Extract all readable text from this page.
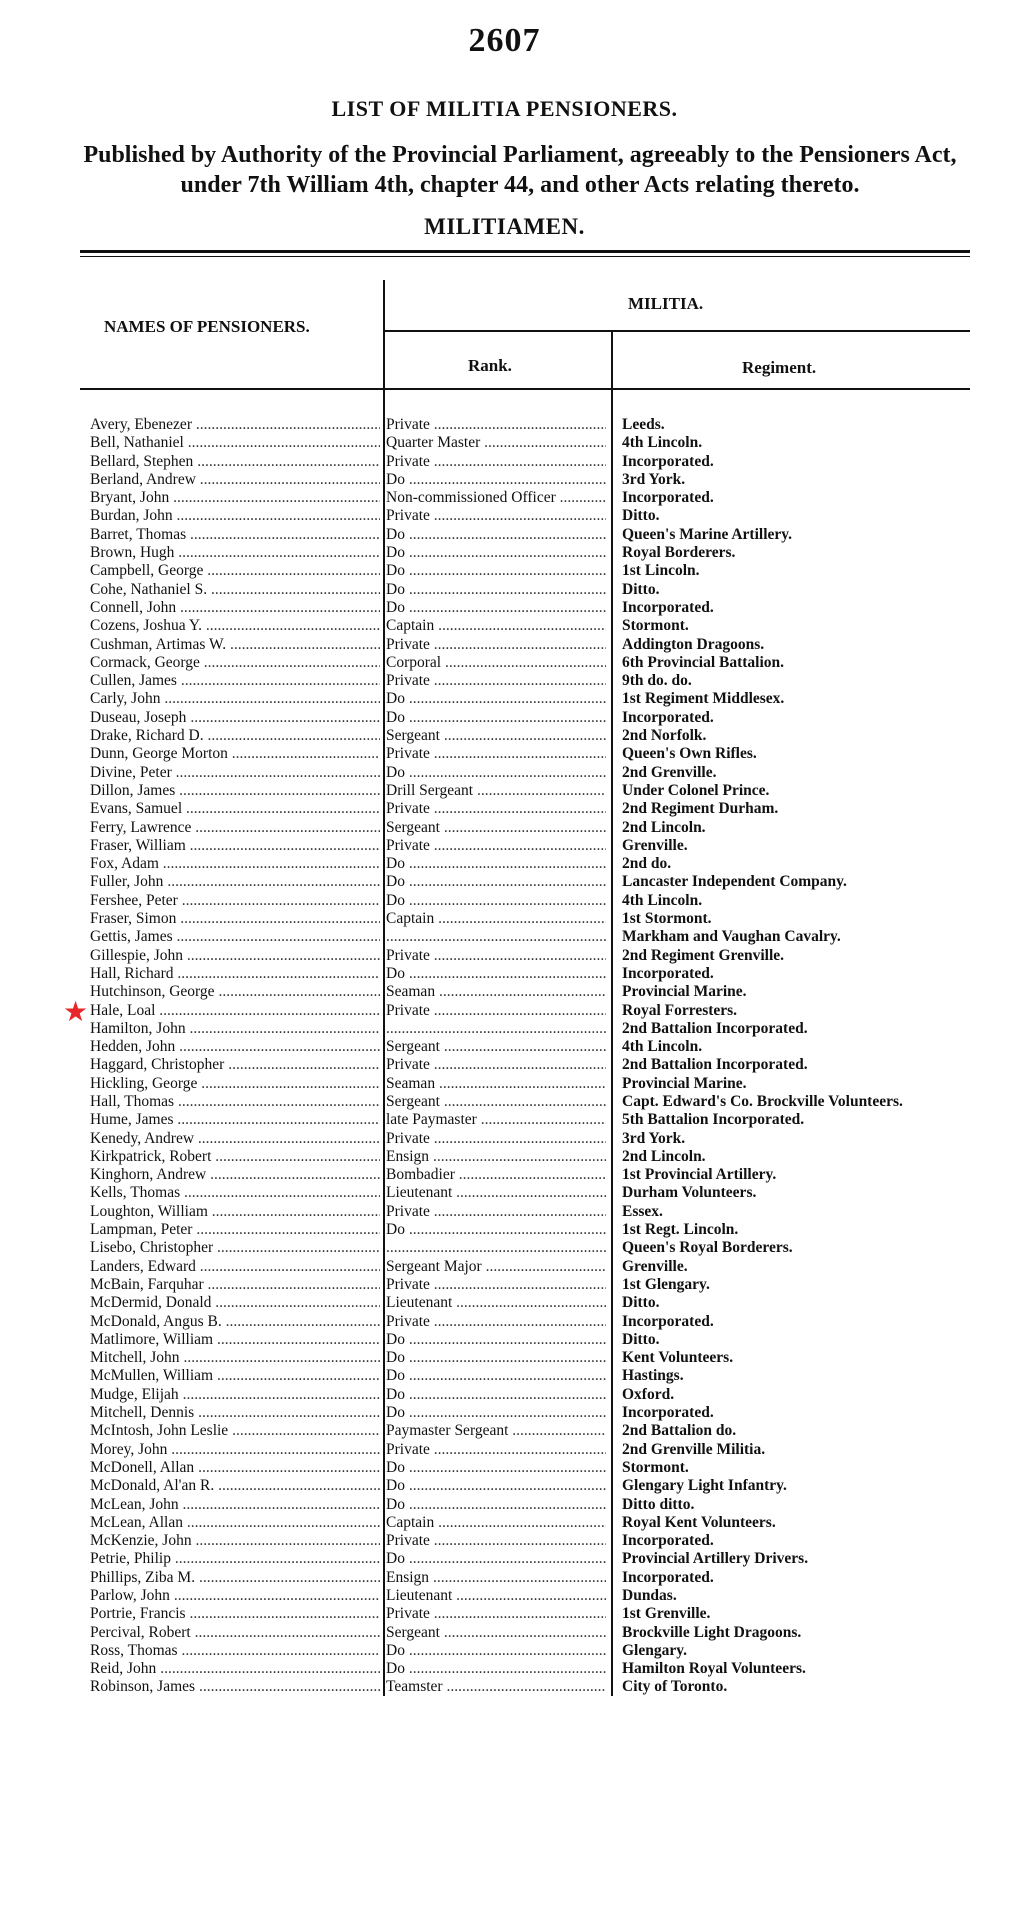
2607
LIST OF MILITIA PENSIONERS.
Published by Authority of the Provincial Parliament, agreeably to the Pensioners Act, under 7th William 4th, chapter 44, and other Acts relating thereto.
MILITIAMEN.
NAMES OF PENSIONERS.
MILITIA.
Rank.	Regiment.
★
Avery, Ebenezer .....
Bell, Nathaniel .....
Bellard, Stephen .....
Berland, Andrew .....
Bryant, John .....
Burdan, John .....
Barret, Thomas .....
Brown, Hugh .....
Campbell, George .....
Cohe, Nathaniel S. .....
Connell, John .....
Cozens, Joshua Y. .....
Cushman, Artimas W. .....
Cormack, George .....
Cullen, James .....
Carly, John .....
Duseau, Joseph .....
Drake, Richard D. .....
Dunn, George Morton .....
Divine, Peter .....
Dillon, James .....
Evans, Samuel .....
Ferry, Lawrence .....
Fraser, William .....
Fox, Adam .....
Fuller, John .....
Fershee, Peter .....
Fraser, Simon .....
Gettis, James .....
Gillespie, John .....
Hall, Richard .....
Hutchinson, George .....
Hale, Loal .....
Hamilton, John .....
Hedden, John .....
Haggard, Christopher .....
Hickling, George .....
Hall, Thomas .....
Hume, James .....
Kenedy, Andrew .....
Kirkpatrick, Robert .....
Kinghorn, Andrew .....
Kells, Thomas .....
Loughton, William .....
Lampman, Peter .....
Lisebo, Christopher .....
Landers, Edward .....
McBain, Farquhar .....
McDermid, Donald .....
McDonald, Angus B. .....
Matlimore, William .....
Mitchell, John .....
McMullen, William .....
Mudge, Elijah .....
Mitchell, Dennis .....
McIntosh, John Leslie .....
Morey, John .....
McDonell, Allan .....
McDonald, Al'an R. .....
McLean, John .....
McLean, Allan .....
McKenzie, John .....
Petrie, Philip .....
Phillips, Ziba M. .....
Parlow, John .....
Portrie, Francis .....
Percival, Robert .....
Ross, Thomas .....
Reid, John .....
Robinson, James .....
Private .....
Quarter Master .....
Private .....
Do .....
Non-commissioned Officer .....
Private .....
Do .....
Do .....
Do .....
Do .....
Do .....
Captain .....
Private .....
Corporal .....
Private .....
Do .....
Do .....
Sergeant .....
Private .....
Do .....
Drill Sergeant .....
Private .....
Sergeant .....
Private .....
Do .....
Do .....
Do .....
Captain .....
.....
Private .....
Do .....
Seaman .....
Private .....
.....
Sergeant .....
Private .....
Seaman .....
Sergeant .....
late Paymaster .....
Private .....
Ensign .....
Bombadier .....
Lieutenant .....
Private .....
Do .....
.....
Sergeant Major .....
Private .....
Lieutenant .....
Private .....
Do .....
Do .....
Do .....
Do .....
Do .....
Paymaster Sergeant .....
Private .....
Do .....
Do .....
Do .....
Captain .....
Private .....
Do .....
Ensign .....
Lieutenant .....
Private .....
Sergeant .....
Do .....
Do .....
Teamster .....
Leeds.
4th Lincoln.
Incorporated.
3rd York.
Incorporated.
Ditto.
Queen's Marine Artillery.
Royal Borderers.
1st Lincoln.
Ditto.
Incorporated.
Stormont.
Addington Dragoons.
6th Provincial Battalion.
9th do. do.
1st Regiment Middlesex.
Incorporated.
2nd Norfolk.
Queen's Own Rifles.
2nd Grenville.
Under Colonel Prince.
2nd Regiment Durham.
2nd Lincoln.
Grenville.
2nd do.
Lancaster Independent Company.
4th Lincoln.
1st Stormont.
Markham and Vaughan Cavalry.
2nd Regiment Grenville.
Incorporated.
Provincial Marine.
Royal Forresters.
2nd Battalion Incorporated.
4th Lincoln.
2nd Battalion Incorporated.
Provincial Marine.
Capt. Edward's Co. Brockville Volunteers.
5th Battalion Incorporated.
3rd York.
2nd Lincoln.
1st Provincial Artillery.
Durham Volunteers.
Essex.
1st Regt. Lincoln.
Queen's Royal Borderers.
Grenville.
1st Glengary.
Ditto.
Incorporated.
Ditto.
Kent Volunteers.
Hastings.
Oxford.
Incorporated.
2nd Battalion do.
2nd Grenville Militia.
Stormont.
Glengary Light Infantry.
Ditto ditto.
Royal Kent Volunteers.
Incorporated.
Provincial Artillery Drivers.
Incorporated.
Dundas.
1st Grenville.
Brockville Light Dragoons.
Glengary.
Hamilton Royal Volunteers.
City of Toronto.
